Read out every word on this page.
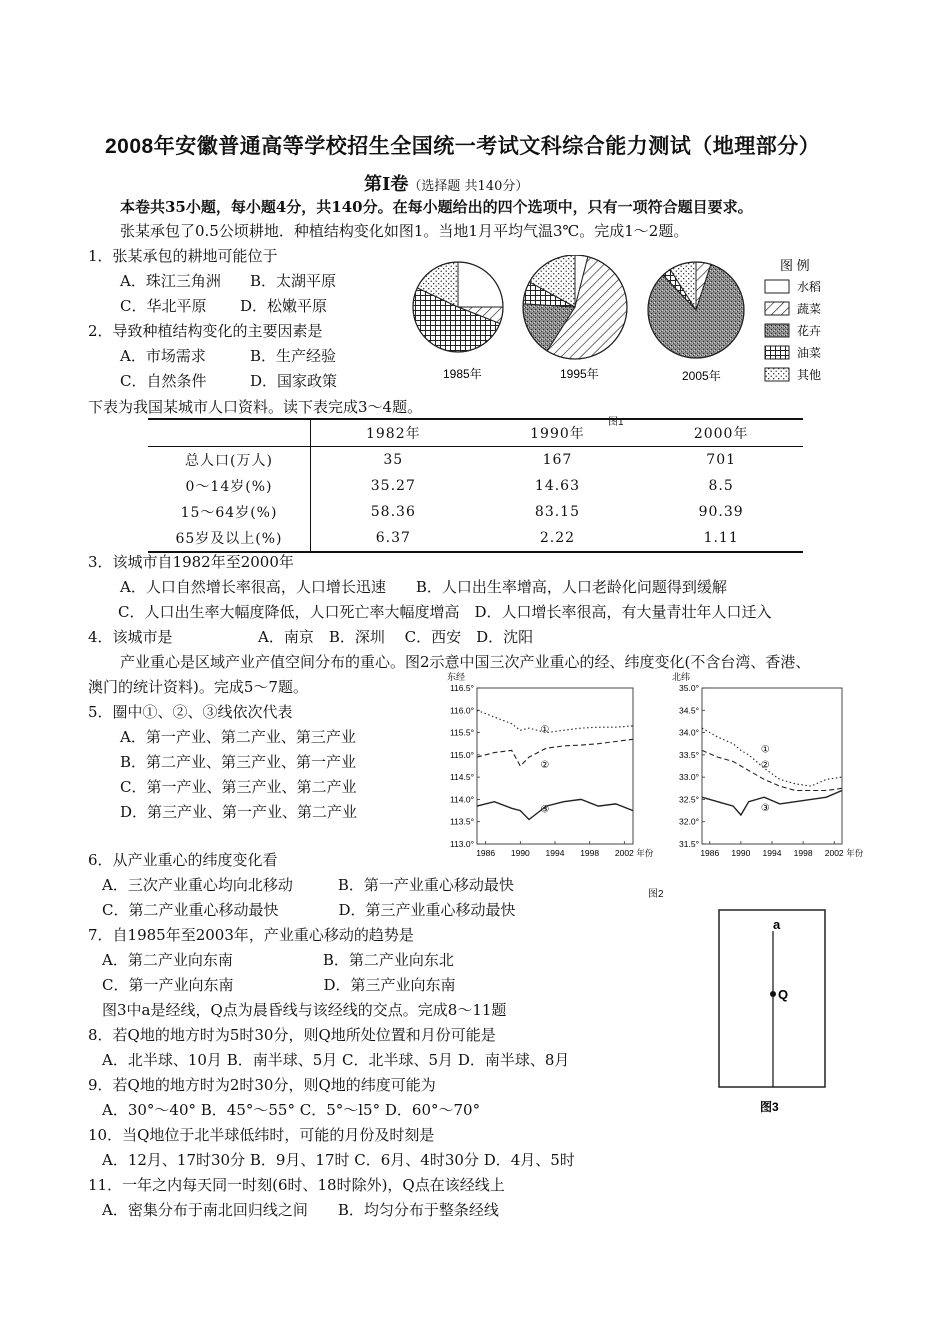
2008年安徽普通高等学校招生全国统一考试文科综合能力测试（地理部分）
第Ⅰ卷（选择题 共140分）
本卷共35小题，每小题4分，共140分。在每小题给出的四个选项中，只有一项符合题目要求。
张某承包了0.5公顷耕地．种植结构变化如图1。当地1月平均气温3℃。完成1～2题。
1．张某承包的耕地可能位于
A．珠江三角洲 B．太湖平原
C．华北平原 D．松嫩平原
2．导致种植结构变化的主要因素是
A．市场需求	B．生产经验
C．自然条件	D．国家政策	1985年	1995年	2005年
图 例
水稻
蔬菜
花卉
油菜
其他
图1
下表为我国某城市人口资料。读下表完成3～4题。
	1982年	1990年	2000年
总人口(万人)	35	167	701
0～14岁(%)	35.27	14.63	8.5
15～64岁(%)	58.36	83.15	90.39
65岁及以上(%)	6.37	2.22	1.11
3．该城市自1982年至2000年
A．人口自然增长率很高，人口增长迅速　　B．人口出生率增高，人口老龄化问题得到缓解
C．人口出生率大幅度降低，人口死亡率大幅度增高　D．人口增长率很高，有大量青壮年人口迁入
4．该城市是	A．南京　B．深圳　 C．西安　D．沈阳
产业重心是区域产业产值空间分布的重心。图2示意中国三次产业重心的经、纬度变化(不含台湾、香港、
澳门的统计资料)。完成5～7题。
5．圈中①、②、③线依次代表
A．第一产业、第二产业、第三产业
B．第二产业、第三产业、第一产业
C．第一产业、第三产业、第二产业
D．第三产业、第一产业、第二产业
东经
116.5°
116.0°
115.5°
115.0°
114.5°
114.0°
113.5°
113.0°
1986 1990 1994 1998 2002 年份
①
②
③
北纬
35.0°
34.5°
34.0°
33.5°
33.0°
32.5°
32.0°
31.5°
1986 1990 1994 1998 2002 年份
①
②
③
图2
6．从产业重心的纬度变化看
A．三次产业重心均向北移动　　　B．第一产业重心移动最快
C．第二产业重心移动最快　　　　D．第三产业重心移动最快
7．自1985年至2003年，产业重心移动的趋势是
A．第二产业向东南　　　　　　B．第二产业向东北
C．第一产业向东南　　　　　　D．第三产业向东南
a
Q
图3
图3中a是经线，Q点为晨昏线与该经线的交点。完成8～11题
8．若Q地的地方时为5时30分，则Q地所处位置和月份可能是
A．北半球、10月 B．南半球、5月 C．北半球、5月 D．南半球、8月
9．若Q地的地方时为2时30分，则Q地的纬度可能为
A．30°～40° B．45°～55° C．5°～l5° D．60°～70°
10．当Q地位于北半球低纬时，可能的月份及时刻是
A．12月、17时30分 B．9月、17时 C．6月、4时30分 D．4月、5时
11．一年之内每天同一时刻(6时、18时除外)，Q点在该经线上
A．密集分布于南北回归线之间　　B．均匀分布于整条经线
